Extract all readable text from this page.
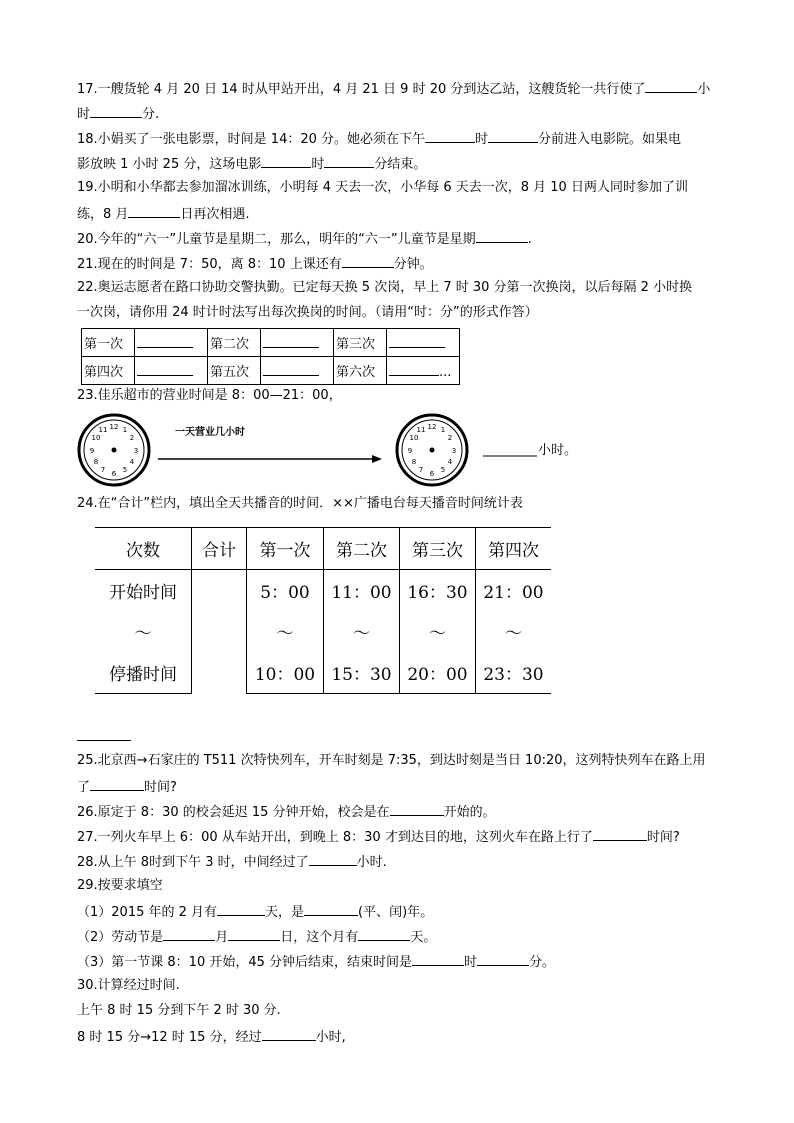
17.一艘货轮 4 月 20 日 14 时从甲站开出，4 月 21 日 9 时 20 分到达乙站，这艘货轮一共行使了	小
时	分.
18.小娟买了一张电影票，时间是 14：20 分。她必须在下午	时	分前进入电影院。如果电
影放映 1 小时 25 分，这场电影	时	分结束。
19.小明和小华都去参加溜冰训练，小明每 4 天去一次，小华每 6 天去一次，8 月 10 日两人同时参加了训
练，8 月	日再次相遇.
20.今年的“六一”儿童节是星期二，那么，明年的“六一”儿童节是星期	.
21.现在的时间是 7：50，离 8：10 上课还有	分钟。
22.奥运志愿者在路口协助交警执勤。已定每天换 5 次岗，早上 7 时 30 分第一次换岗，以后每隔 2 小时换
一次岗，请你用 24 时计时法写出每次换岗的时间。（请用“时：分”的形式作答）
第一次		第二次		第三次	
第四次		第五次		第六次	...
23.佳乐超市的营业时间是 8：00—21：00，
12 1
2
3
4
5
6
7
8
9
10
11	一天营业几小时	12 1
2
3
4
5
6
7
8
9
10
11
小时。
24.在“合计”栏内，填出全天共播音的时间．××广播电台每天播音时间统计表
次数	合计	第一次	第二次	第三次	第四次
开始时间		5：00	11：00	16：30	21：00
～		～	～	～	～
停播时间		10：00	15：30	20：00	23：30
25.北京西→石家庄的 T511 次特快列车，开车时刻是 7:35，到达时刻是当日 10:20，这列特快列车在路上用
了	时间?
26.原定于 8：30 的校会延迟 15 分钟开始，校会是在	开始的。
27.一列火车早上 6：00 从车站开出，到晚上 8：30 才到达目的地，这列火车在路上行了	时间?
28.从上午 8时到下午 3 时，中间经过了	小时.
29.按要求填空
（1）2015 年的 2 月有	天，是	(平、闰)年。
（2）劳动节是	月	日，这个月有	天。
（3）第一节课 8：10 开始，45 分钟后结束，结束时间是	时	分。
30.计算经过时间.
上午 8 时 15 分到下午 2 时 30 分.
8 时 15 分→12 时 15 分，经过	小时,
